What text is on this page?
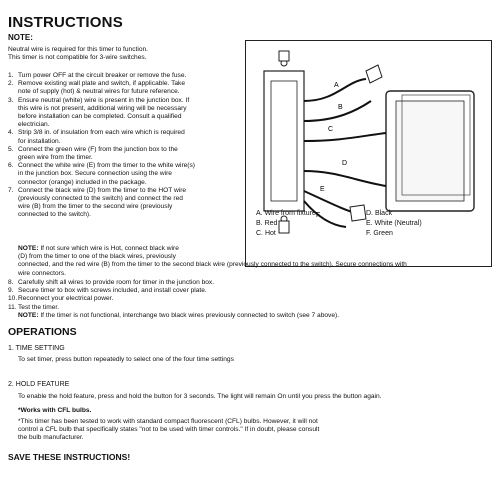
INSTRUCTIONS
NOTE:
Neutral wire is required for this timer to function.
This timer is not compatible for 3-wire switches.
1. Turn power OFF at the circuit breaker or remove the fuse.
2. Remove existing wall plate and switch, if applicable. Take
note of supply (hot) & neutral wires for future reference.
3. Ensure neutral (white) wire is present in the junction box. If
this wire is not present, additional wiring will be necessary
before installation can be completed. Consult a qualified
electrician.
4. Strip 3/8 in. of insulation from each wire which is required
for installation.
5. Connect the green wire (F) from the junction box to the
green wire from the timer.
6. Connect the white wire (E) from the timer to the white wire(s)
in the junction box. Secure connection using the wire
connector (orange) included in the package.
7. Connect the black wire (D) from the timer to the HOT wire
(previously connected to the switch) and connect the red
wire (B) from the timer to the second wire (previously
connected to the switch).
NOTE: If not sure which wire is Hot, connect black wire
(D) from the timer to one of the black wires, previously
connected, and the red wire (B) from the timer to the second black wire (previously connected to the switch). Secure connections with
wire connectors.
8. Carefully shift all wires to provide room for timer in the junction box.
9. Secure timer to box with screws included, and install cover plate.
10. Reconnect your electrical power.
11. Test the timer.
NOTE: If the timer is not functional, interchange two black wires previously connected to switch (see 7 above).
OPERATIONS
1. TIME SETTING
To set timer, press button repeatedly to select one of the four time settings
2. HOLD FEATURE
To enable the hold feature, press and hold the button for 3 seconds. The light will remain On until you press the button again.
*Works with CFL bulbs.
*This timer has been tested to work with standard compact fluorescent (CFL) bulbs. However, it will not
control a CFL bulb that specifically states "not to be used with timer controls." If in doubt, please consult
the bulb manufacturer.
SAVE THESE INSTRUCTIONS!
A
B
C
D
E
F
A. Wire from fixture
B. Red
C. Hot
D. Black
E. White (Neutral)
F. Green
